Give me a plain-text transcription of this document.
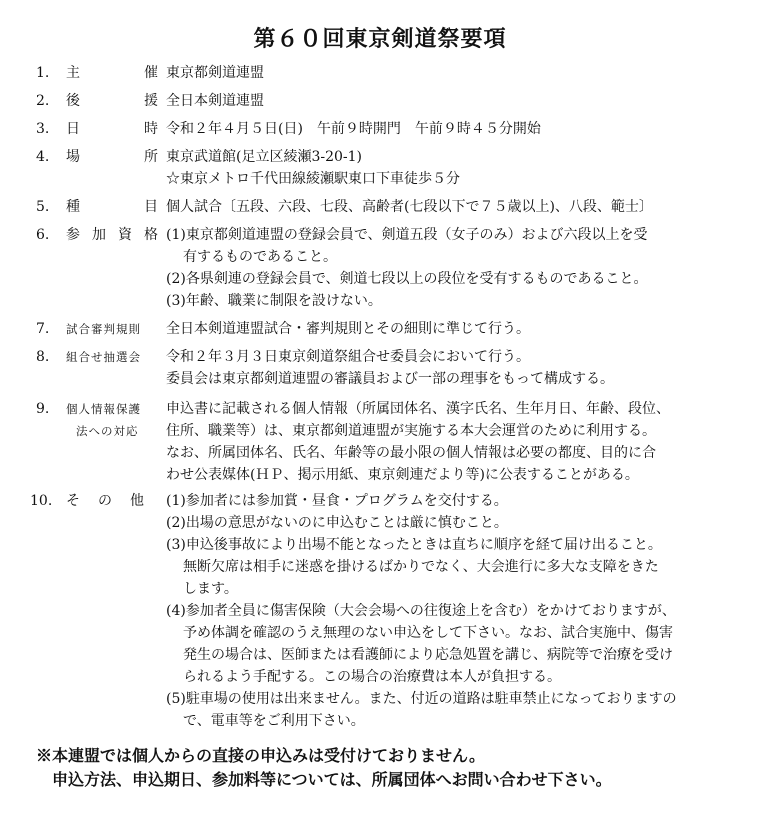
第６０回東京剣道祭要項
1.	主	催 東京都剣道連盟
2.	後	援 全日本剣道連盟
3.	日	時 令和２年４月５日(日)　午前９時開門　午前９時４５分開始
4.	場	所 東京武道館(足立区綾瀬3-20-1)
☆東京メトロ千代田線綾瀬駅東口下車徒歩５分
5.	種	目 個人試合〔五段、六段、七段、高齢者(七段以下で７５歳以上)、八段、範士〕
6.	参 加 資 格 (1)東京都剣道連盟の登録会員で、剣道五段（女子のみ）および六段以上を受
有するものであること。
(2)各県剣連の登録会員で、剣道七段以上の段位を受有するものであること。
(3)年齢、職業に制限を設けない。
7.	試合審判規則	全日本剣道連盟試合・審判規則とその細則に準じて行う。
8.	組合せ抽選会	令和２年３月３日東京剣道祭組合せ委員会において行う。
委員会は東京都剣道連盟の審議員および一部の理事をもって構成する。
9.	個人情報保護
法への対応
申込書に記載される個人情報（所属団体名、漢字氏名、生年月日、年齢、段位、
住所、職業等）は、東京都剣道連盟が実施する本大会運営のために利用する。
なお、所属団体名、氏名、年齢等の最小限の個人情報は必要の都度、目的に合
わせ公表媒体(ＨＰ、掲示用紙、東京剣連だより等)に公表することがある。
10. そ の 他 (1)参加者には参加賞・昼食・プログラムを交付する。
(2)出場の意思がないのに申込むことは厳に慎むこと。
(3)申込後事故により出場不能となったときは直ちに順序を経て届け出ること。
無断欠席は相手に迷惑を掛けるばかりでなく、大会進行に多大な支障をきた
します。
(4)参加者全員に傷害保険（大会会場への往復途上を含む）をかけておりますが、
予め体調を確認のうえ無理のない申込をして下さい。なお、試合実施中、傷害
発生の場合は、医師または看護師により応急処置を講じ、病院等で治療を受け
られるよう手配する。この場合の治療費は本人が負担する。
(5)駐車場の使用は出来ません。また、付近の道路は駐車禁止になっておりますの
で、電車等をご利用下さい。
※本連盟では個人からの直接の申込みは受付けておりません。
申込方法、申込期日、参加料等については、所属団体へお問い合わせ下さい。
